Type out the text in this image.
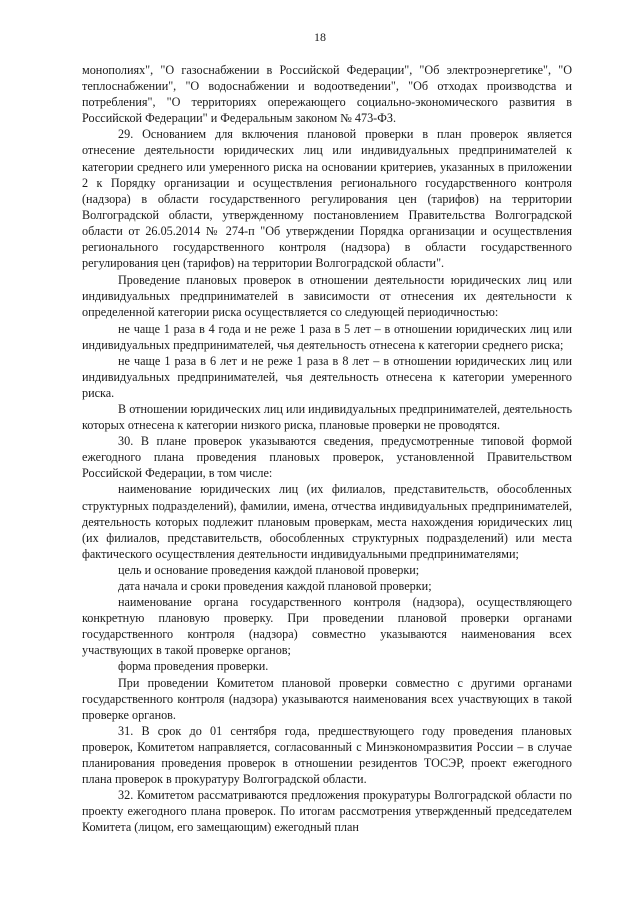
18

монополиях", "О газоснабжении в Российской Федерации", "Об электроэнергетике", "О теплоснабжении", "О водоснабжении и водоотведении", "Об отходах производства и потребления", "О территориях опережающего социально-экономического развития в Российской Федерации" и Федеральным законом № 473-ФЗ.

29. Основанием для включения плановой проверки в план проверок является отнесение деятельности юридических лиц или индивидуальных предпринимателей к категории среднего или умеренного риска на основании критериев, указанных в приложении 2 к Порядку организации и осуществления регионального государственного контроля (надзора) в области государственного регулирования цен (тарифов) на территории Волгоградской области, утвержденному постановлением Правительства Волгоградской области от 26.05.2014 № 274-п "Об утверждении Порядка организации и осуществления регионального государственного контроля (надзора) в области государственного регулирования цен (тарифов) на территории Волгоградской области".

Проведение плановых проверок в отношении деятельности юридических лиц или индивидуальных предпринимателей в зависимости от отнесения их деятельности к определенной категории риска осуществляется со следующей периодичностью:

не чаще 1 раза в 4 года и не реже 1 раза в 5 лет – в отношении юридических лиц или индивидуальных предпринимателей, чья деятельность отнесена к категории среднего риска;

не чаще 1 раза в 6 лет и не реже 1 раза в 8 лет – в отношении юридических лиц или индивидуальных предпринимателей, чья деятельность отнесена к категории умеренного риска.

В отношении юридических лиц или индивидуальных предпринимателей, деятельность которых отнесена к категории низкого риска, плановые проверки не проводятся.

30. В плане проверок указываются сведения, предусмотренные типовой формой ежегодного плана проведения плановых проверок, установленной Правительством Российской Федерации, в том числе:

наименование юридических лиц (их филиалов, представительств, обособленных структурных подразделений), фамилии, имена, отчества индивидуальных предпринимателей, деятельность которых подлежит плановым проверкам, места нахождения юридических лиц (их филиалов, представительств, обособленных структурных подразделений) или места фактического осуществления деятельности индивидуальными предпринимателями;

цель и основание проведения каждой плановой проверки;

дата начала и сроки проведения каждой плановой проверки;

наименование органа государственного контроля (надзора), осуществляющего конкретную плановую проверку. При проведении плановой проверки органами государственного контроля (надзора) совместно указываются наименования всех участвующих в такой проверке органов;

форма проведения проверки.

При проведении Комитетом плановой проверки совместно с другими органами государственного контроля (надзора) указываются наименования всех участвующих в такой проверке органов.

31. В срок до 01 сентября года, предшествующего году проведения плановых проверок, Комитетом направляется, согласованный с Минэкономразвития России – в случае планирования проведения проверок в отношении резидентов ТОСЭР, проект ежегодного плана проверок в прокуратуру Волгоградской области.

32. Комитетом рассматриваются предложения прокуратуры Волгоградской области по проекту ежегодного плана проверок. По итогам рассмотрения утвержденный председателем Комитета (лицом, его замещающим) ежегодный план
